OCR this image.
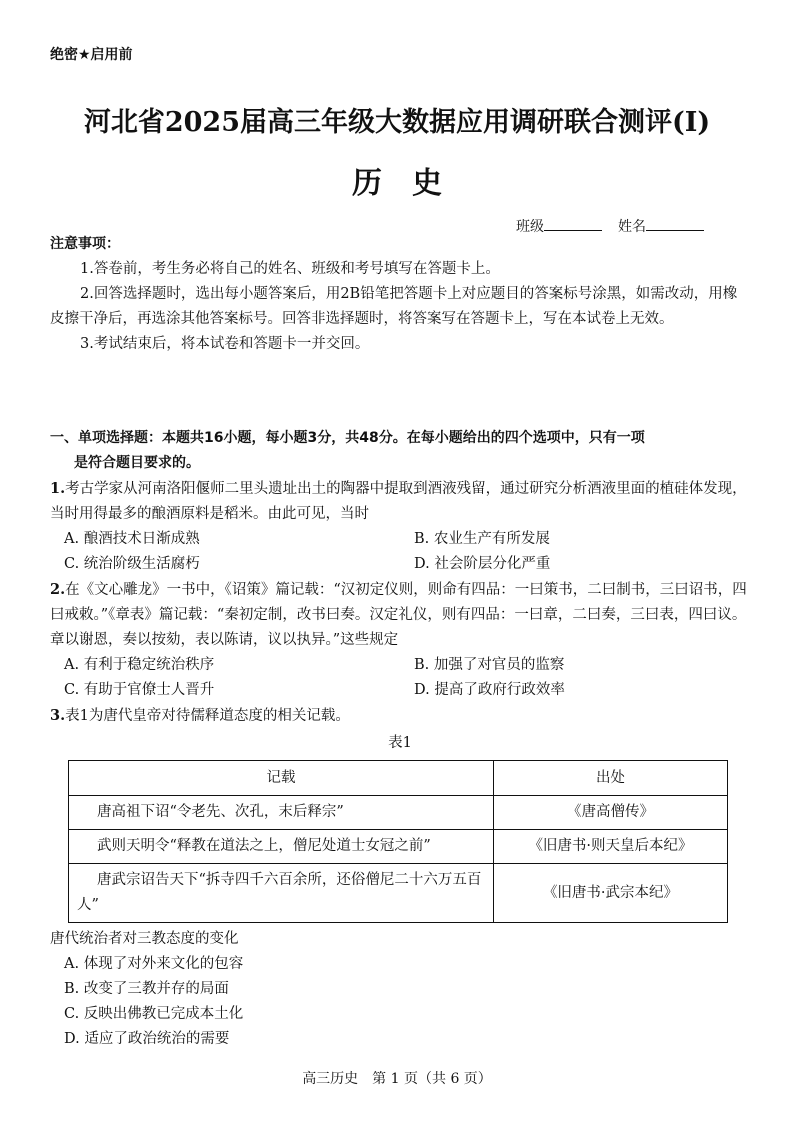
绝密★启用前
河北省2025届高三年级大数据应用调研联合测评(I)
历史
班级	姓名
注意事项：
1.答卷前，考生务必将自己的姓名、班级和考号填写在答题卡上。
2.回答选择题时，选出每小题答案后，用2B铅笔把答题卡上对应题目的答案标号涂黑，如需改动，用橡皮擦干净后，再选涂其他答案标号。回答非选择题时，将答案写在答题卡上，写在本试卷上无效。
3.考试结束后，将本试卷和答题卡一并交回。
一、单项选择题：本题共16小题，每小题3分，共48分。在每小题给出的四个选项中，只有一项
是符合题目要求的。
1.考古学家从河南洛阳偃师二里头遗址出土的陶器中提取到酒液残留，通过研究分析酒液里面的植硅体发现，当时用得最多的酿酒原料是稻米。由此可见，当时
A. 酿酒技术日渐成熟	B. 农业生产有所发展
C. 统治阶级生活腐朽	D. 社会阶层分化严重
2.在《文心雕龙》一书中，《诏策》篇记载：“汉初定仪则，则命有四品：一曰策书，二曰制书，三曰诏书，四曰戒敕。”《章表》篇记载：“秦初定制，改书曰奏。汉定礼仪，则有四品：一曰章，二曰奏，三曰表，四曰议。章以谢恩，奏以按劾，表以陈请，议以执异。”这些规定
A. 有利于稳定统治秩序	B. 加强了对官员的监察
C. 有助于官僚士人晋升	D. 提高了政府行政效率
3.表1为唐代皇帝对待儒释道态度的相关记载。
表1
记载	出处
唐高祖下诏“令老先、次孔，末后释宗”	《唐高僧传》
武则天明令“释教在道法之上，僧尼处道士女冠之前”	《旧唐书·则天皇后本纪》
唐武宗诏告天下“拆寺四千六百余所，还俗僧尼二十六万五百人”	《旧唐书·武宗本纪》
唐代统治者对三教态度的变化
A. 体现了对外来文化的包容
B. 改变了三教并存的局面
C. 反映出佛教已完成本土化
D. 适应了政治统治的需要
高三历史　第 1 页（共 6 页）
